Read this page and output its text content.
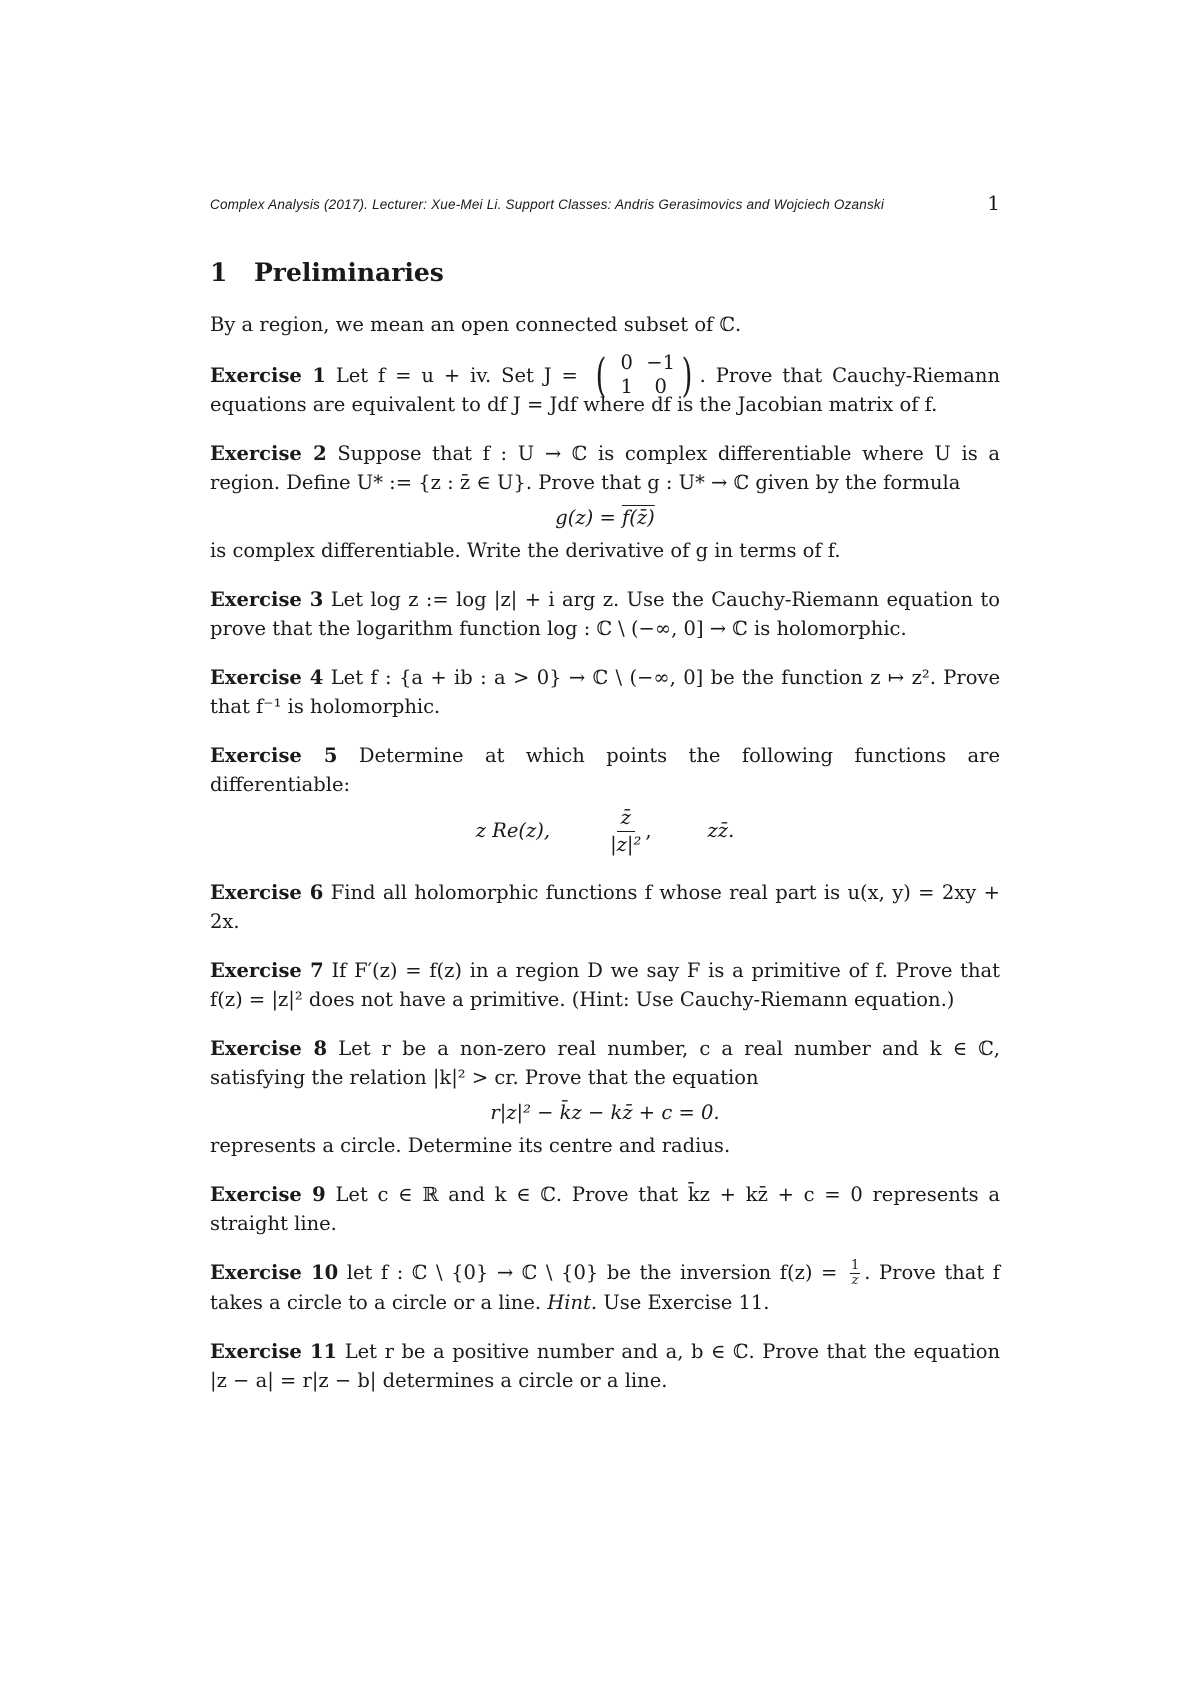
Complex Analysis (2017). Lecturer: Xue-Mei Li. Support Classes: Andris Gerasimovics and Wojciech Ozanski	1
1 Preliminaries

By a region, we mean an open connected subset of ℂ.

Exercise 1 Let f = u + iv. Set J = ( 0 −1
1	0 ) . Prove that Cauchy-Riemann equations are equivalent to df J = Jdf where df is the Jacobian matrix of f.

Exercise 2 Suppose that f : U → ℂ is complex differentiable where U is a region. Define U* := {z : z̄ ∈ U}. Prove that g : U* → ℂ given by the formula

g(z) = f(z̄)

is complex differentiable. Write the derivative of g in terms of f.

Exercise 3 Let log z := log |z| + i arg z. Use the Cauchy-Riemann equation to prove that the logarithm function log : ℂ \ (−∞, 0] → ℂ is holomorphic.

Exercise 4 Let f : {a + ib : a > 0} → ℂ \ (−∞, 0] be the function z ↦ z². Prove that f⁻¹ is holomorphic.

Exercise 5 Determine at which points the following functions are differentiable:

z Re(z),	$\frac{z̄}{\text{|z|²}}$ ,	zz̄.

Exercise 6 Find all holomorphic functions f whose real part is u(x, y) = 2xy + 2x.

Exercise 7 If F′(z) = f(z) in a region D we say F is a primitive of f. Prove that f(z) = |z|² does not have a primitive. (Hint: Use Cauchy-Riemann equation.)

Exercise 8 Let r be a non-zero real number, c a real number and k ∈ ℂ, satisfying the relation |k|² > cr. Prove that the equation

r|z|² − k̄z − kz̄ + c = 0.

represents a circle. Determine its centre and radius.

Exercise 9 Let c ∈ ℝ and k ∈ ℂ. Prove that k̄z + kz̄ + c = 0 represents a straight line.

Exercise 10 let f : ℂ \ {0} → ℂ \ {0} be the inversion $f(z) = \frac{1}{z}$ . Prove that f takes a circle to a circle or a line. Hint. Use Exercise 11.

Exercise 11 Let r be a positive number and a, b ∈ ℂ. Prove that the equation |z − a| = r|z − b| determines a circle or a line.
